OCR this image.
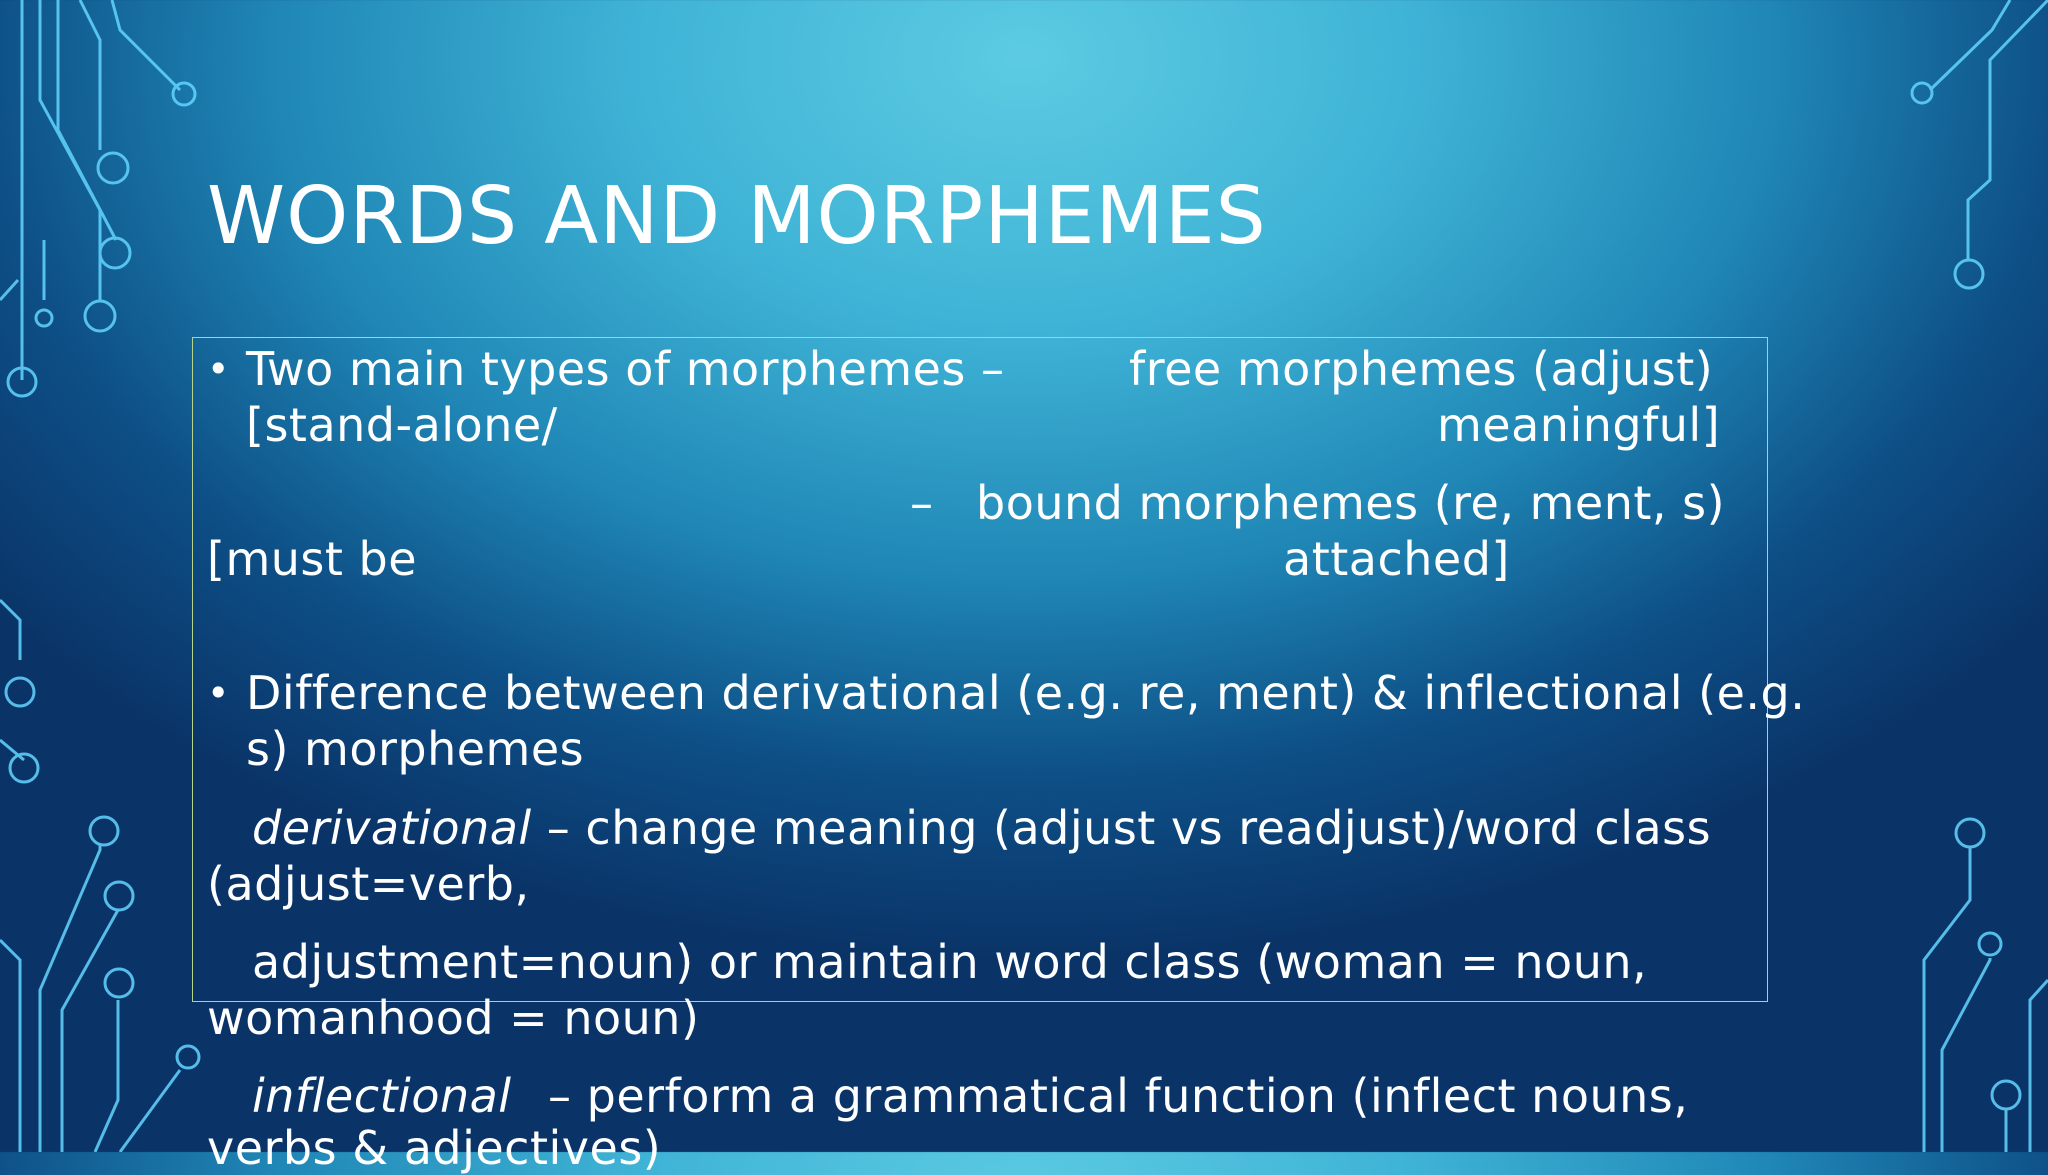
WORDS AND MORPHEMES
• Two main types of morphemes –	free morphemes (adjust)
[stand-alone/	meaningful]
– bound morphemes (re, ment, s)
[must be	attached]
• Difference between derivational (e.g. re, ment) & inflectional (e.g.
s) morphemes
derivational – change meaning (adjust vs readjust)/word class
(adjust=verb,
adjustment=noun) or maintain word class (woman = noun,
womanhood = noun)
inflectional – perform a grammatical function (inflect nouns,
verbs & adjectives)
